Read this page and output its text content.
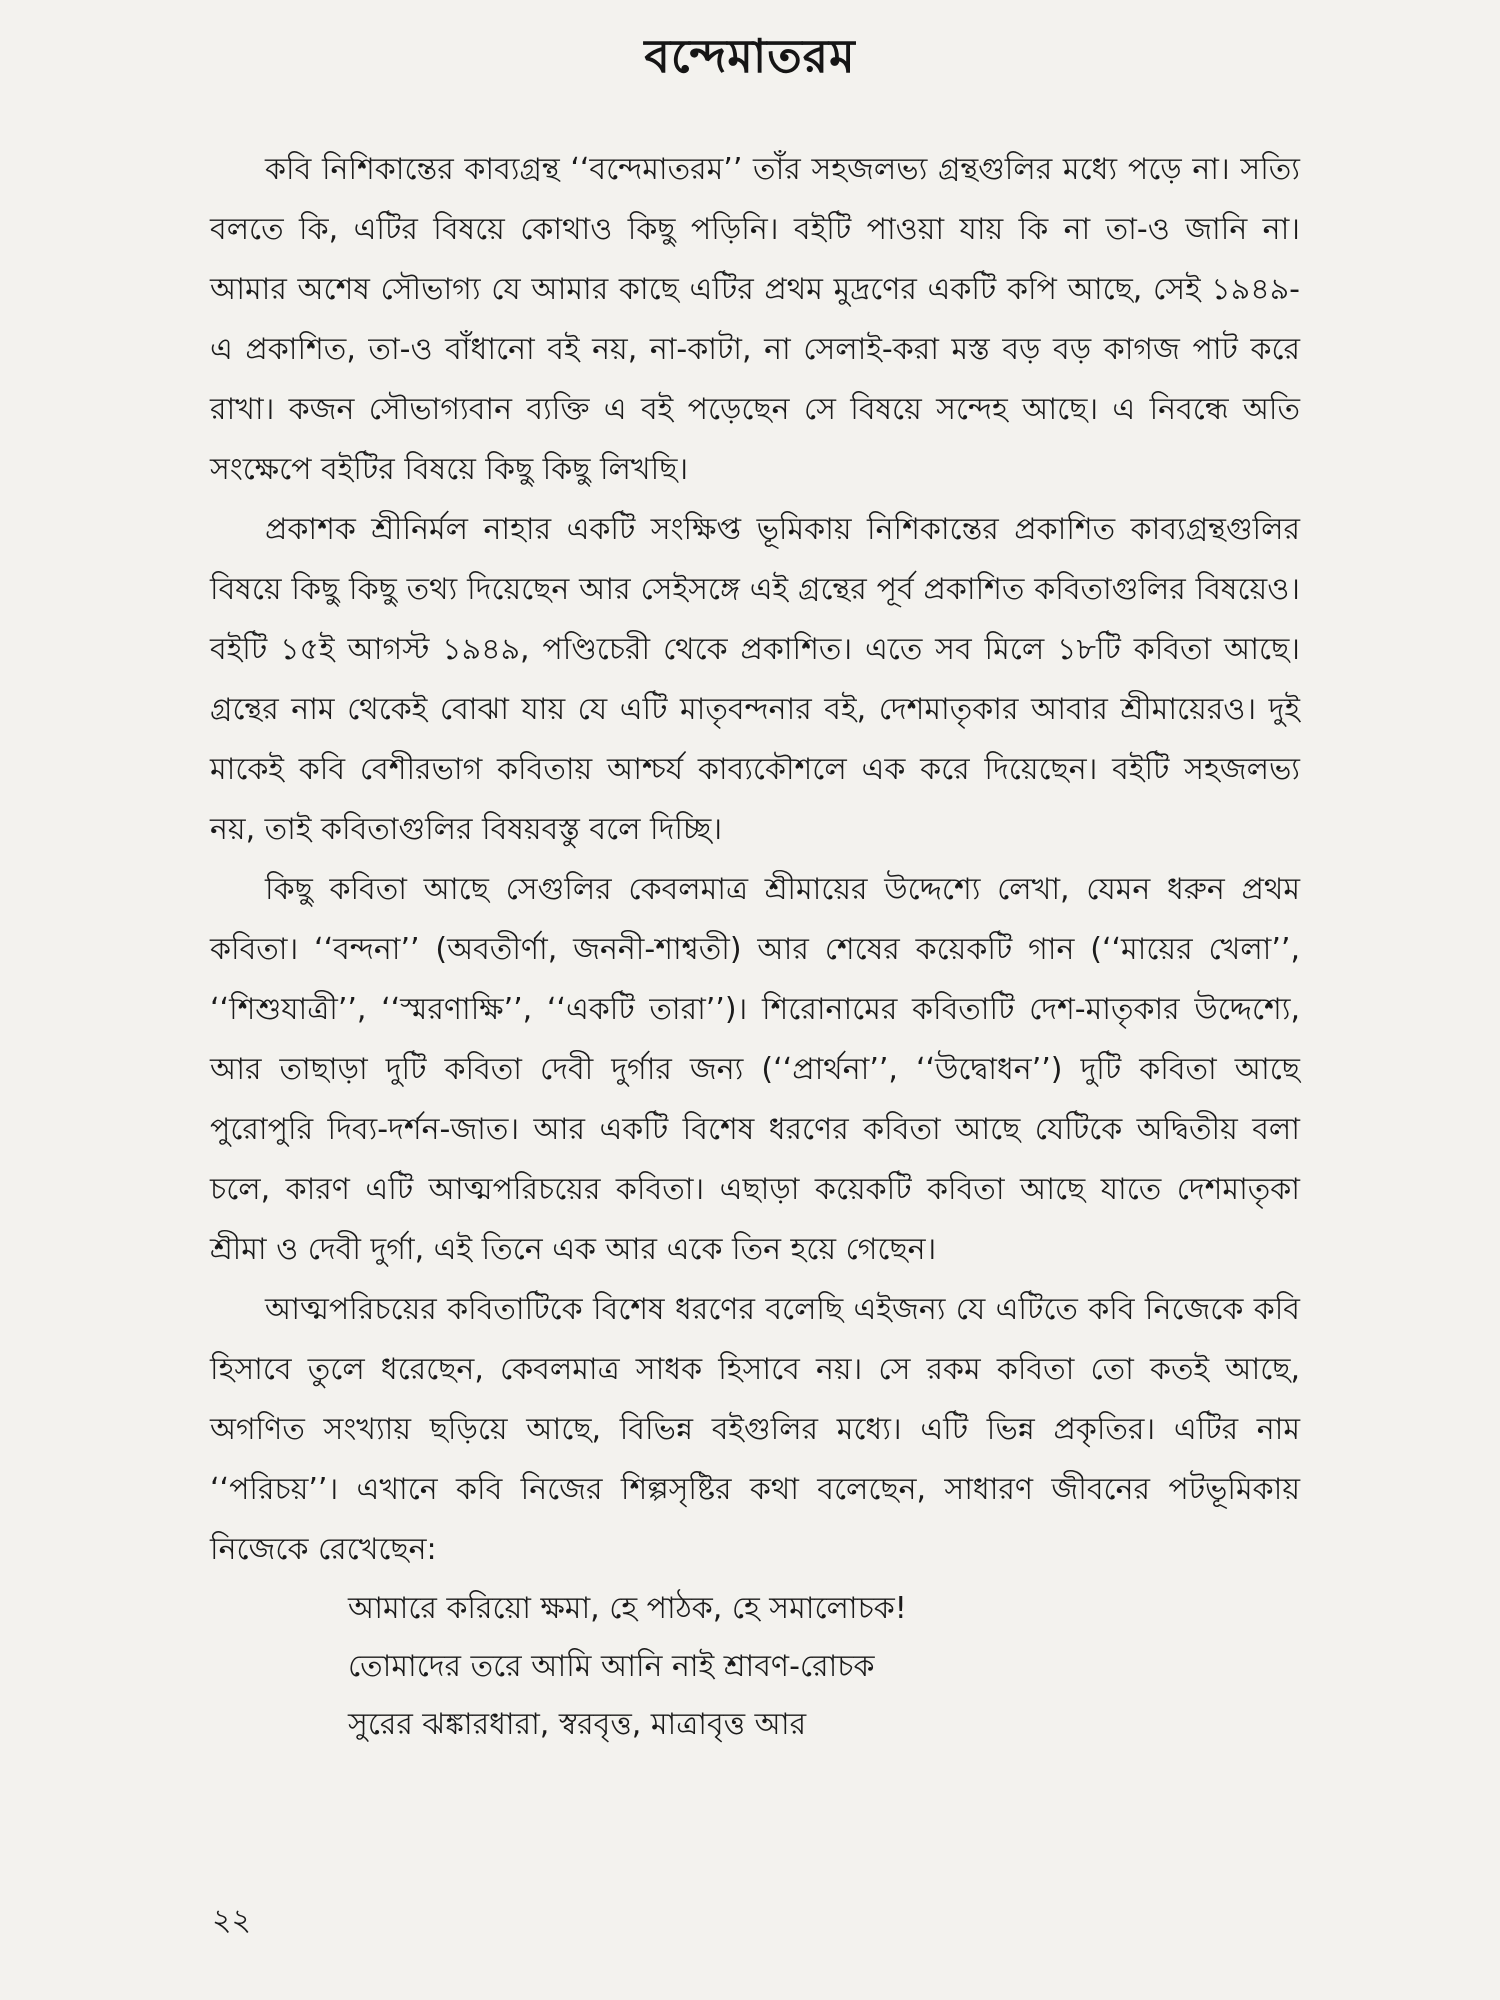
বন্দেমাতরম

কবি নিশিকান্তের কাব্যগ্রন্থ ‘‘বন্দেমাতরম’’ তাঁর সহজলভ্য গ্রন্থগুলির মধ্যে পড়ে না। সত্যি বলতে কি, এটির বিষয়ে কোথাও কিছু পড়িনি। বইটি পাওয়া যায় কি না তা-ও জানি না। আমার অশেষ সৌভাগ্য যে আমার কাছে এটির প্রথম মুদ্রণের একটি কপি আছে, সেই ১৯৪৯- এ প্রকাশিত, তা-ও বাঁধানো বই নয়, না-কাটা, না সেলাই-করা মস্ত বড় বড় কাগজ পাট করে রাখা। কজন সৌভাগ্যবান ব্যক্তি এ বই পড়েছেন সে বিষয়ে সন্দেহ আছে। এ নিবন্ধে অতি সংক্ষেপে বইটির বিষয়ে কিছু কিছু লিখছি।

প্রকাশক শ্রীনির্মল নাহার একটি সংক্ষিপ্ত ভূমিকায় নিশিকান্তের প্রকাশিত কাব্যগ্রন্থগুলির বিষয়ে কিছু কিছু তথ্য দিয়েছেন আর সেইসঙ্গে এই গ্রন্থের পূর্ব প্রকাশিত কবিতাগুলির বিষয়েও। বইটি ১৫ই আগস্ট ১৯৪৯, পণ্ডিচেরী থেকে প্রকাশিত। এতে সব মিলে ১৮টি কবিতা আছে। গ্রন্থের নাম থেকেই বোঝা যায় যে এটি মাতৃবন্দনার বই, দেশমাতৃকার আবার শ্রীমায়েরও। দুই মাকেই কবি বেশীরভাগ কবিতায় আশ্চর্য কাব্যকৌশলে এক করে দিয়েছেন। বইটি সহজলভ্য নয়, তাই কবিতাগুলির বিষয়বস্তু বলে দিচ্ছি।

কিছু কবিতা আছে সেগুলির কেবলমাত্র শ্রীমায়ের উদ্দেশ্যে লেখা, যেমন ধরুন প্রথম কবিতা। ‘‘বন্দনা’’ (অবতীর্ণা, জননী-শাশ্বতী) আর শেষের কয়েকটি গান (‘‘মায়ের খেলা’’, ‘‘শিশুযাত্রী’’, ‘‘স্মরণাক্ষি’’, ‘‘একটি তারা’’)। শিরোনামের কবিতাটি দেশ-মাতৃকার উদ্দেশ্যে, আর তাছাড়া দুটি কবিতা দেবী দুর্গার জন্য (‘‘প্রার্থনা’’, ‘‘উদ্বোধন’’) দুটি কবিতা আছে পুরোপুরি দিব্য-দর্শন-জাত। আর একটি বিশেষ ধরণের কবিতা আছে যেটিকে অদ্বিতীয় বলা চলে, কারণ এটি আত্মপরিচয়ের কবিতা। এছাড়া কয়েকটি কবিতা আছে যাতে দেশমাতৃকা শ্রীমা ও দেবী দুর্গা, এই তিনে এক আর একে তিন হয়ে গেছেন।

আত্মপরিচয়ের কবিতাটিকে বিশেষ ধরণের বলেছি এইজন্য যে এটিতে কবি নিজেকে কবি হিসাবে তুলে ধরেছেন, কেবলমাত্র সাধক হিসাবে নয়। সে রকম কবিতা তো কতই আছে, অগণিত সংখ্যায় ছড়িয়ে আছে, বিভিন্ন বইগুলির মধ্যে। এটি ভিন্ন প্রকৃতির। এটির নাম ‘‘পরিচয়’’। এখানে কবি নিজের শিল্পসৃষ্টির কথা বলেছেন, সাধারণ জীবনের পটভূমিকায় নিজেকে রেখেছেন:

আমারে করিয়ো ক্ষমা, হে পাঠক, হে সমালোচক!

তোমাদের তরে আমি আনি নাই শ্রাবণ-রোচক

সুরের ঝঙ্কারধারা, স্বরবৃত্ত, মাত্রাবৃত্ত আর

২২
